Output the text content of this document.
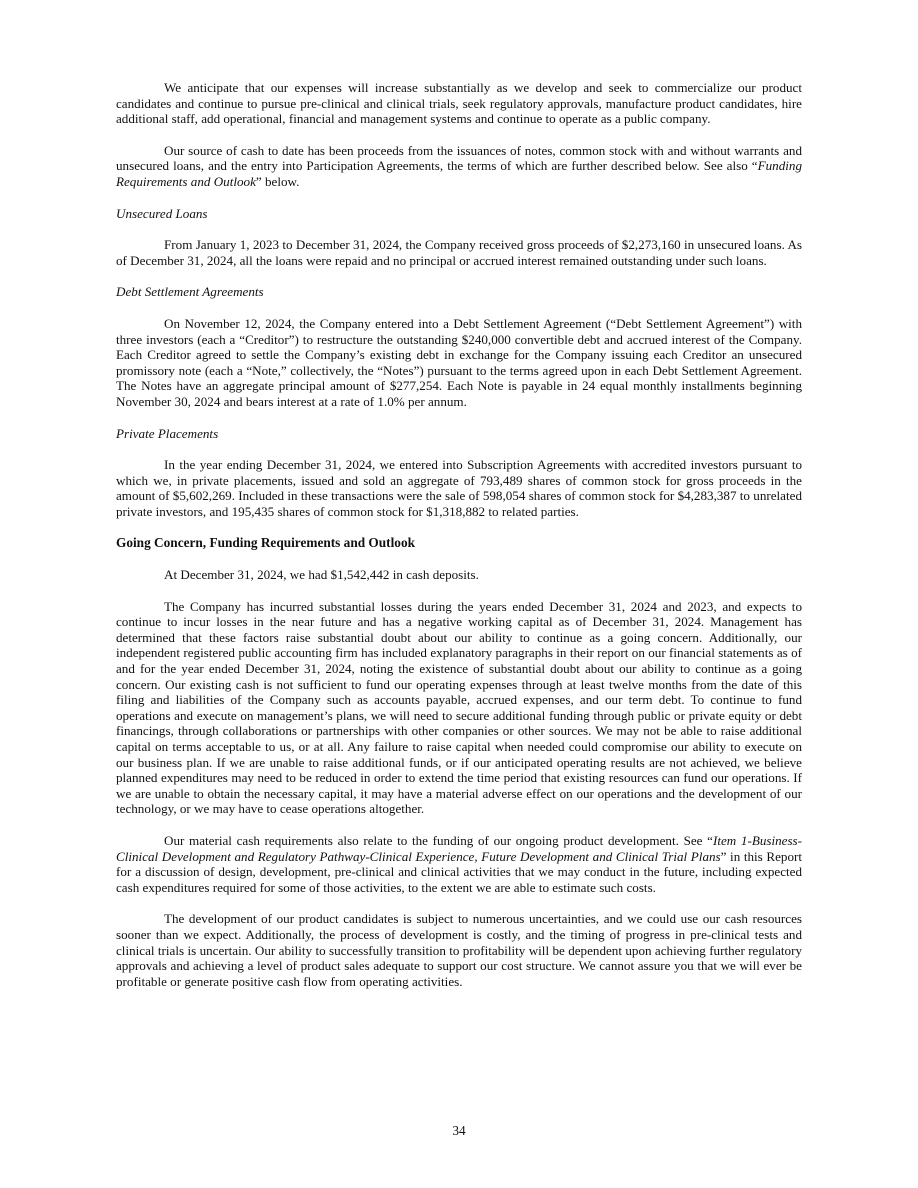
We anticipate that our expenses will increase substantially as we develop and seek to commercialize our product candidates and continue to pursue pre-clinical and clinical trials, seek regulatory approvals, manufacture product candidates, hire additional staff, add operational, financial and management systems and continue to operate as a public company.

Our source of cash to date has been proceeds from the issuances of notes, common stock with and without warrants and unsecured loans, and the entry into Participation Agreements, the terms of which are further described below. See also “Funding Requirements and Outlook” below.

Unsecured Loans

From January 1, 2023 to December 31, 2024, the Company received gross proceeds of $2,273,160 in unsecured loans. As of December 31, 2024, all the loans were repaid and no principal or accrued interest remained outstanding under such loans.

Debt Settlement Agreements

On November 12, 2024, the Company entered into a Debt Settlement Agreement (“Debt Settlement Agreement”) with three investors (each a “Creditor”) to restructure the outstanding $240,000 convertible debt and accrued interest of the Company. Each Creditor agreed to settle the Company’s existing debt in exchange for the Company issuing each Creditor an unsecured promissory note (each a “Note,” collectively, the “Notes”) pursuant to the terms agreed upon in each Debt Settlement Agreement. The Notes have an aggregate principal amount of $277,254. Each Note is payable in 24 equal monthly installments beginning November 30, 2024 and bears interest at a rate of 1.0% per annum.

Private Placements

In the year ending December 31, 2024, we entered into Subscription Agreements with accredited investors pursuant to which we, in private placements, issued and sold an aggregate of 793,489 shares of common stock for gross proceeds in the amount of $5,602,269. Included in these transactions were the sale of 598,054 shares of common stock for $4,283,387 to unrelated private investors, and 195,435 shares of common stock for $1,318,882 to related parties.

Going Concern, Funding Requirements and Outlook

At December 31, 2024, we had $1,542,442 in cash deposits.

The Company has incurred substantial losses during the years ended December 31, 2024 and 2023, and expects to continue to incur losses in the near future and has a negative working capital as of December 31, 2024. Management has determined that these factors raise substantial doubt about our ability to continue as a going concern. Additionally, our independent registered public accounting firm has included explanatory paragraphs in their report on our financial statements as of and for the year ended December 31, 2024, noting the existence of substantial doubt about our ability to continue as a going concern. Our existing cash is not sufficient to fund our operating expenses through at least twelve months from the date of this filing and liabilities of the Company such as accounts payable, accrued expenses, and our term debt. To continue to fund operations and execute on management’s plans, we will need to secure additional funding through public or private equity or debt financings, through collaborations or partnerships with other companies or other sources. We may not be able to raise additional capital on terms acceptable to us, or at all. Any failure to raise capital when needed could compromise our ability to execute on our business plan. If we are unable to raise additional funds, or if our anticipated operating results are not achieved, we believe planned expenditures may need to be reduced in order to extend the time period that existing resources can fund our operations. If we are unable to obtain the necessary capital, it may have a material adverse effect on our operations and the development of our technology, or we may have to cease operations altogether.

Our material cash requirements also relate to the funding of our ongoing product development. See “Item 1-Business-Clinical Development and Regulatory Pathway-Clinical Experience, Future Development and Clinical Trial Plans” in this Report for a discussion of design, development, pre-clinical and clinical activities that we may conduct in the future, including expected cash expenditures required for some of those activities, to the extent we are able to estimate such costs.

The development of our product candidates is subject to numerous uncertainties, and we could use our cash resources sooner than we expect. Additionally, the process of development is costly, and the timing of progress in pre-clinical tests and clinical trials is uncertain. Our ability to successfully transition to profitability will be dependent upon achieving further regulatory approvals and achieving a level of product sales adequate to support our cost structure. We cannot assure you that we will ever be profitable or generate positive cash flow from operating activities.

34
